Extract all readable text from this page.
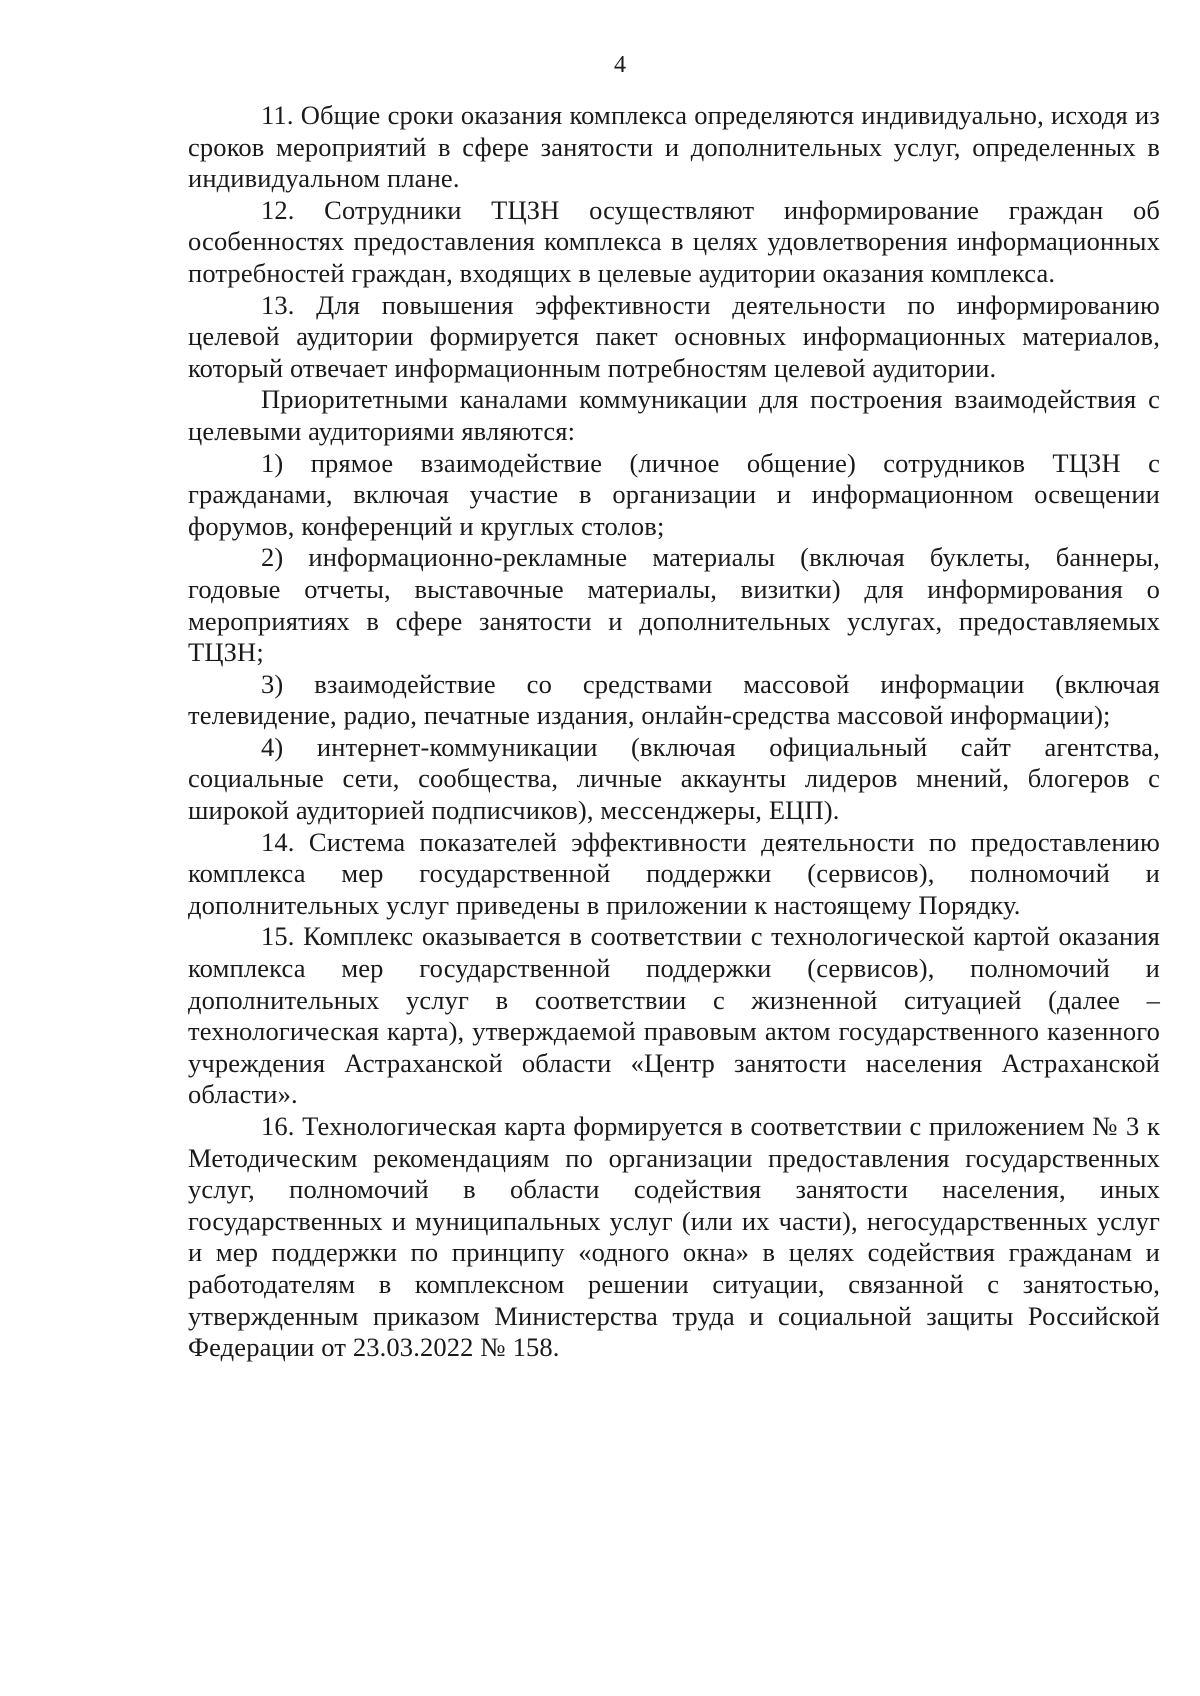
4

11. Общие сроки оказания комплекса определяются индивидуально, исходя из сроков мероприятий в сфере занятости и дополнительных услуг, определенных в индивидуальном плане.

12. Сотрудники ТЦЗН осуществляют информирование граждан об особенностях предоставления комплекса в целях удовлетворения информационных потребностей граждан, входящих в целевые аудитории оказания комплекса.

13. Для повышения эффективности деятельности по информированию целевой аудитории формируется пакет основных информационных материалов, который отвечает информационным потребностям целевой аудитории.

Приоритетными каналами коммуникации для построения взаимодействия с целевыми аудиториями являются:

1) прямое взаимодействие (личное общение) сотрудников ТЦЗН с гражданами, включая участие в организации и информационном освещении форумов, конференций и круглых столов;

2) информационно-рекламные материалы (включая буклеты, баннеры, годовые отчеты, выставочные материалы, визитки) для информирования о мероприятиях в сфере занятости и дополнительных услугах, предоставляемых ТЦЗН;

3) взаимодействие со средствами массовой информации (включая телевидение, радио, печатные издания, онлайн-средства массовой информации);

4) интернет-коммуникации (включая официальный сайт агентства, социальные сети, сообщества, личные аккаунты лидеров мнений, блогеров с широкой аудиторией подписчиков), мессенджеры, ЕЦП).

14. Система показателей эффективности деятельности по предоставлению комплекса мер государственной поддержки (сервисов), полномочий и дополнительных услуг приведены в приложении к настоящему Порядку.

15. Комплекс оказывается в соответствии с технологической картой оказания комплекса мер государственной поддержки (сервисов), полномочий и дополнительных услуг в соответствии с жизненной ситуацией (далее – технологическая карта), утверждаемой правовым актом государственного казенного учреждения Астраханской области «Центр занятости населения Астраханской области».

16. Технологическая карта формируется в соответствии с приложением № 3 к Методическим рекомендациям по организации предоставления государственных услуг, полномочий в области содействия занятости населения, иных государственных и муниципальных услуг (или их части), негосударственных услуг и мер поддержки по принципу «одного окна» в целях содействия гражданам и работодателям в комплексном решении ситуации, связанной с занятостью, утвержденным приказом Министерства труда и социальной защиты Российской Федерации от 23.03.2022 № 158.
